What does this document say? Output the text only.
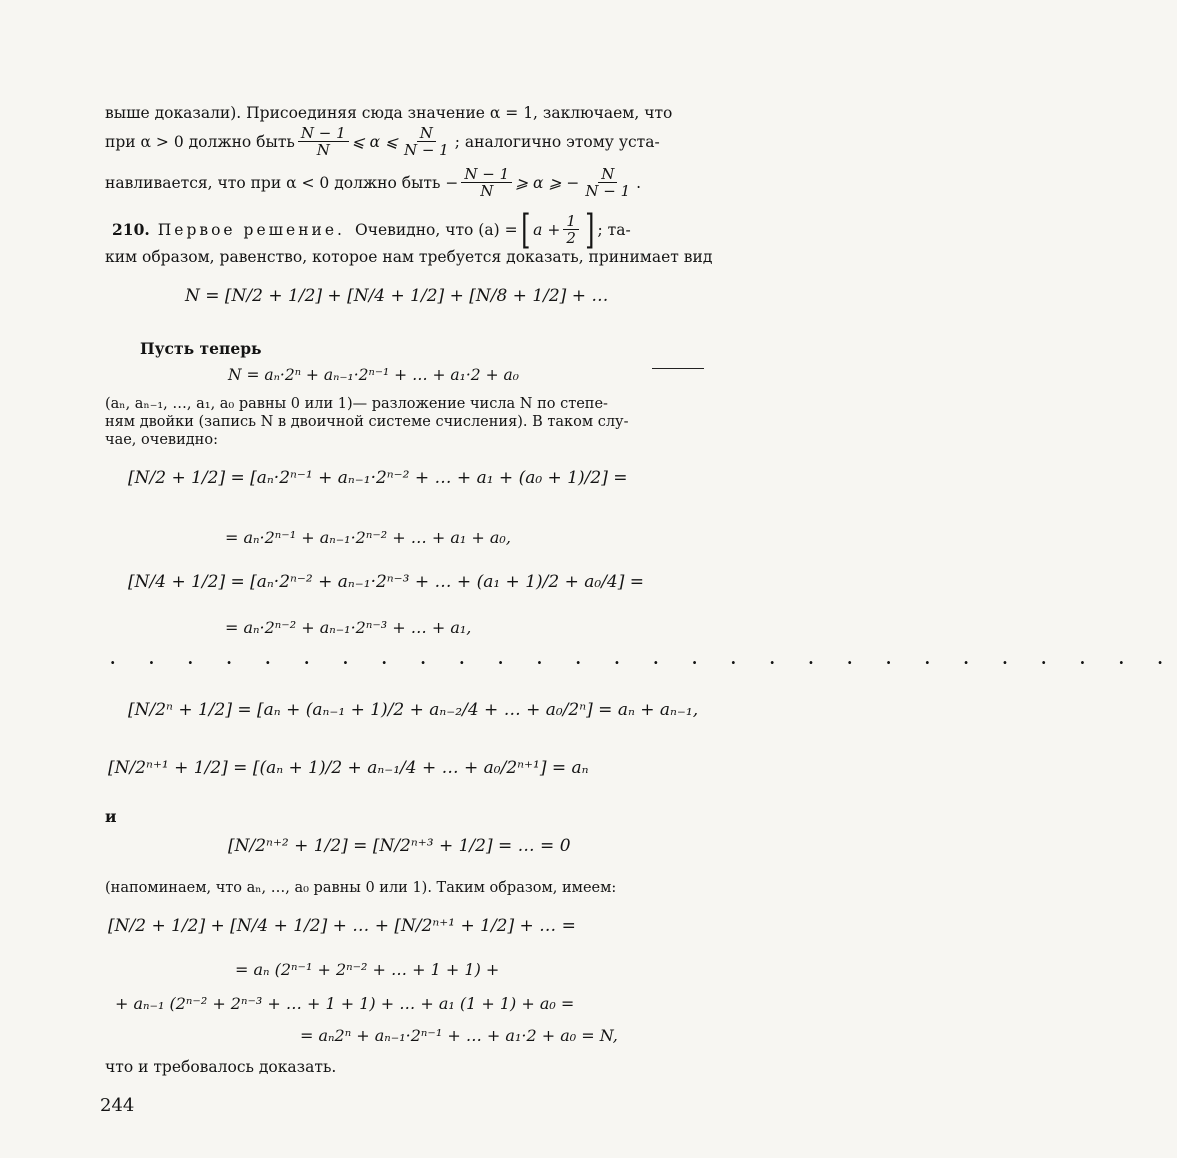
выше доказали). Присоединяя сюда значение α = 1, заключаем, что
при α > 0 должно быть $\frac{N - 1}{N}$ ⩽ α ⩽ $\frac{N}{N - 1}$ ; аналогично этому уста-
навливается, что при α < 0 должно быть − $\frac{N - 1}{N}$ ⩾ α ⩾ − $\frac{N}{N - 1}$ .
210. Первое решение. Очевидно, что (a) = [ $a + \frac{1}{2}$ ] ; та-
ким образом, равенство, которое нам требуется доказать, принимает вид
N = [N/2 + 1/2] + [N/4 + 1/2] + [N/8 + 1/2] + …
Пусть теперь
N = aₙ·2ⁿ + aₙ₋₁·2ⁿ⁻¹ + … + a₁·2 + a₀
(aₙ, aₙ₋₁, …, a₁, a₀ равны 0 или 1)— разложение числа N по степе-
ням двойки (запись N в двоичной системе счисления). В таком слу-
чае, очевидно:
[N/2 + 1/2] = [aₙ·2ⁿ⁻¹ + aₙ₋₁·2ⁿ⁻² + … + a₁ + (a₀ + 1)/2] =
= aₙ·2ⁿ⁻¹ + aₙ₋₁·2ⁿ⁻² + … + a₁ + a₀,
[N/4 + 1/2] = [aₙ·2ⁿ⁻² + aₙ₋₁·2ⁿ⁻³ + … + (a₁ + 1)/2 + a₀/4] =
= aₙ·2ⁿ⁻² + aₙ₋₁·2ⁿ⁻³ + … + a₁,
. . . . . . . . . . . . . . . . . . . . . . . . . . . .
[N/2ⁿ + 1/2] = [aₙ + (aₙ₋₁ + 1)/2 + aₙ₋₂/4 + … + a₀/2ⁿ] = aₙ + aₙ₋₁,
[N/2ⁿ⁺¹ + 1/2] = [(aₙ + 1)/2 + aₙ₋₁/4 + … + a₀/2ⁿ⁺¹] = aₙ
и
[N/2ⁿ⁺² + 1/2] = [N/2ⁿ⁺³ + 1/2] = … = 0
(напоминаем, что aₙ, …, a₀ равны 0 или 1). Таким образом, имеем:
[N/2 + 1/2] + [N/4 + 1/2] + … + [N/2ⁿ⁺¹ + 1/2] + … =
= aₙ (2ⁿ⁻¹ + 2ⁿ⁻² + … + 1 + 1) +
+ aₙ₋₁ (2ⁿ⁻² + 2ⁿ⁻³ + … + 1 + 1) + … + a₁ (1 + 1) + a₀ =
= aₙ2ⁿ + aₙ₋₁·2ⁿ⁻¹ + … + a₁·2 + a₀ = N,
что и требовалось доказать.
244
